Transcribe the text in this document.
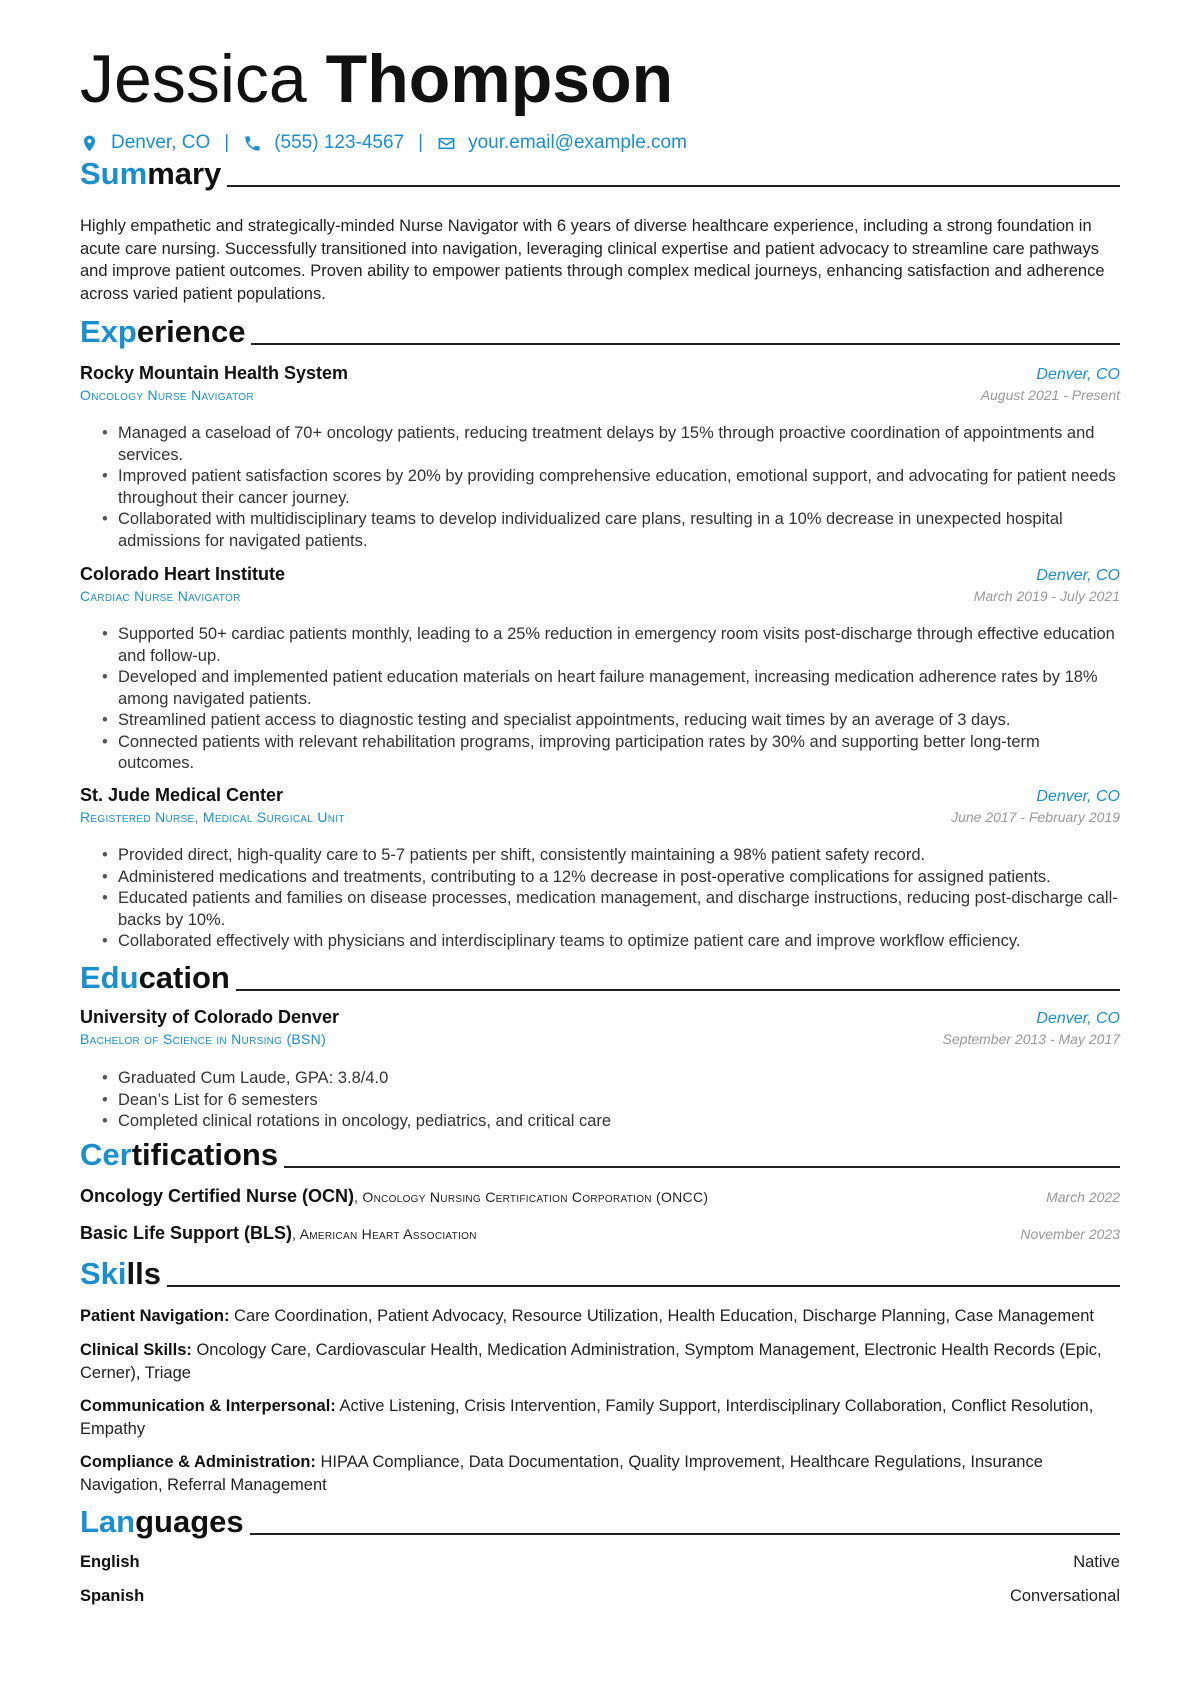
Jessica Thompson
Denver, CO | (555) 123-4567 | your.email@example.com
Summary

Highly empathetic and strategically-minded Nurse Navigator with 6 years of diverse healthcare experience, including a strong foundation in acute care nursing. Successfully transitioned into navigation, leveraging clinical expertise and patient advocacy to streamline care pathways and improve patient outcomes. Proven ability to empower patients through complex medical journeys, enhancing satisfaction and adherence across varied patient populations.

Experience
Rocky Mountain Health System	Denver, CO
Oncology Nurse Navigator	August 2021 - Present
• Managed a caseload of 70+ oncology patients, reducing treatment delays by 15% through proactive coordination of appointments and services.
• Improved patient satisfaction scores by 20% by providing comprehensive education, emotional support, and advocating for patient needs throughout their cancer journey.
• Collaborated with multidisciplinary teams to develop individualized care plans, resulting in a 10% decrease in unexpected hospital admissions for navigated patients.
Colorado Heart Institute	Denver, CO
Cardiac Nurse Navigator	March 2019 - July 2021
• Supported 50+ cardiac patients monthly, leading to a 25% reduction in emergency room visits post-discharge through effective education and follow-up.
• Developed and implemented patient education materials on heart failure management, increasing medication adherence rates by 18% among navigated patients.
• Streamlined patient access to diagnostic testing and specialist appointments, reducing wait times by an average of 3 days.
• Connected patients with relevant rehabilitation programs, improving participation rates by 30% and supporting better long-term outcomes.
St. Jude Medical Center	Denver, CO
Registered Nurse, Medical Surgical Unit	June 2017 - February 2019
• Provided direct, high-quality care to 5-7 patients per shift, consistently maintaining a 98% patient safety record.
• Administered medications and treatments, contributing to a 12% decrease in post-operative complications for assigned patients.
• Educated patients and families on disease processes, medication management, and discharge instructions, reducing post-discharge call-backs by 10%.
• Collaborated effectively with physicians and interdisciplinary teams to optimize patient care and improve workflow efficiency.
Education
University of Colorado Denver	Denver, CO
Bachelor of Science in Nursing (BSN)	September 2013 - May 2017
• Graduated Cum Laude, GPA: 3.8/4.0
• Dean’s List for 6 semesters
• Completed clinical rotations in oncology, pediatrics, and critical care
Certifications
Oncology Certified Nurse (OCN), Oncology Nursing Certification Corporation (ONCC)	March 2022
Basic Life Support (BLS), American Heart Association	November 2023
Skills

Patient Navigation: Care Coordination, Patient Advocacy, Resource Utilization, Health Education, Discharge Planning, Case Management

Clinical Skills: Oncology Care, Cardiovascular Health, Medication Administration, Symptom Management, Electronic Health Records (Epic, Cerner), Triage

Communication & Interpersonal: Active Listening, Crisis Intervention, Family Support, Interdisciplinary Collaboration, Conflict Resolution, Empathy

Compliance & Administration: HIPAA Compliance, Data Documentation, Quality Improvement, Healthcare Regulations, Insurance Navigation, Referral Management

Languages
English	Native
Spanish	Conversational
